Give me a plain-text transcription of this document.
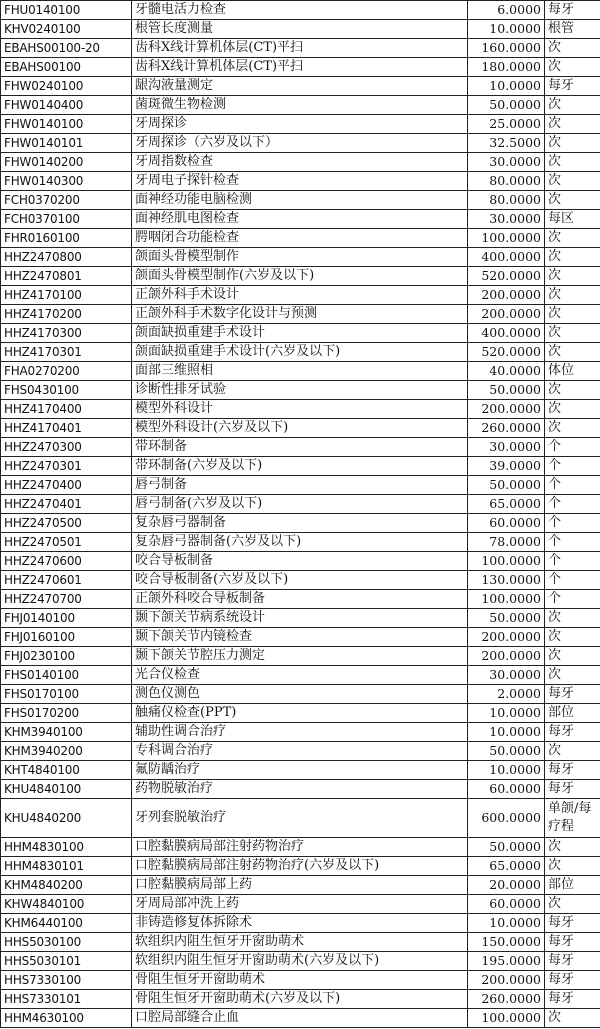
FHU0140100	牙髓电活力检查	6.0000	每牙
KHV0240100	根管长度测量	10.0000	根管
EBAHS00100-20	齿科X线计算机体层(CT)平扫	160.0000	次
EBAHS00100	齿科X线计算机体层(CT)平扫	180.0000	次
FHW0240100	龈沟液量测定	10.0000	每牙
FHW0140400	菌斑微生物检测	50.0000	次
FHW0140100	牙周探诊	25.0000	次
FHW0140101	牙周探诊（六岁及以下）	32.5000	次
FHW0140200	牙周指数检查	30.0000	次
FHW0140300	牙周电子探针检查	80.0000	次
FCH0370200	面神经功能电脑检测	80.0000	次
FCH0370100	面神经肌电图检查	30.0000	每区
FHR0160100	腭咽闭合功能检查	100.0000	次
HHZ2470800	颌面头骨模型制作	400.0000	次
HHZ2470801	颌面头骨模型制作(六岁及以下)	520.0000	次
HHZ4170100	正颌外科手术设计	200.0000	次
HHZ4170200	正颌外科手术数字化设计与预测	200.0000	次
HHZ4170300	颌面缺损重建手术设计	400.0000	次
HHZ4170301	颌面缺损重建手术设计(六岁及以下)	520.0000	次
FHA0270200	面部三维照相	40.0000	体位
FHS0430100	诊断性排牙试验	50.0000	次
HHZ4170400	模型外科设计	200.0000	次
HHZ4170401	模型外科设计(六岁及以下)	260.0000	次
HHZ2470300	带环制备	30.0000	个
HHZ2470301	带环制备(六岁及以下)	39.0000	个
HHZ2470400	唇弓制备	50.0000	个
HHZ2470401	唇弓制备(六岁及以下)	65.0000	个
HHZ2470500	复杂唇弓器制备	60.0000	个
HHZ2470501	复杂唇弓器制备(六岁及以下)	78.0000	个
HHZ2470600	咬合导板制备	100.0000	个
HHZ2470601	咬合导板制备(六岁及以下)	130.0000	个
HHZ2470700	正颌外科咬合导板制备	100.0000	个
FHJ0140100	颞下颌关节病系统设计	50.0000	次
FHJ0160100	颞下颌关节内镜检查	200.0000	次
FHJ0230100	颞下颌关节腔压力测定	200.0000	次
FHS0140100	光合仪检查	30.0000	次
FHS0170100	测色仪测色	2.0000	每牙
FHS0170200	触痛仪检查(PPT)	10.0000	部位
KHM3940100	辅助性调合治疗	10.0000	每牙
KHM3940200	专科调合治疗	50.0000	次
KHT4840100	氟防龋治疗	10.0000	每牙
KHU4840100	药物脱敏治疗	60.0000	每牙
KHU4840200	牙列套脱敏治疗	600.0000	单颌/每疗程
HHM4830100	口腔黏膜病局部注射药物治疗	50.0000	次
HHM4830101	口腔黏膜病局部注射药物治疗(六岁及以下)	65.0000	次
KHM4840200	口腔黏膜病局部上药	20.0000	部位
KHW4840100	牙周局部冲洗上药	60.0000	次
KHM6440100	非铸造修复体拆除术	10.0000	每牙
HHS5030100	软组织内阻生恒牙开窗助萌术	150.0000	每牙
HHS5030101	软组织内阻生恒牙开窗助萌术(六岁及以下)	195.0000	每牙
HHS7330100	骨阻生恒牙开窗助萌术	200.0000	每牙
HHS7330101	骨阻生恒牙开窗助萌术(六岁及以下)	260.0000	每牙
HHM4630100	口腔局部缝合止血	100.0000	次
